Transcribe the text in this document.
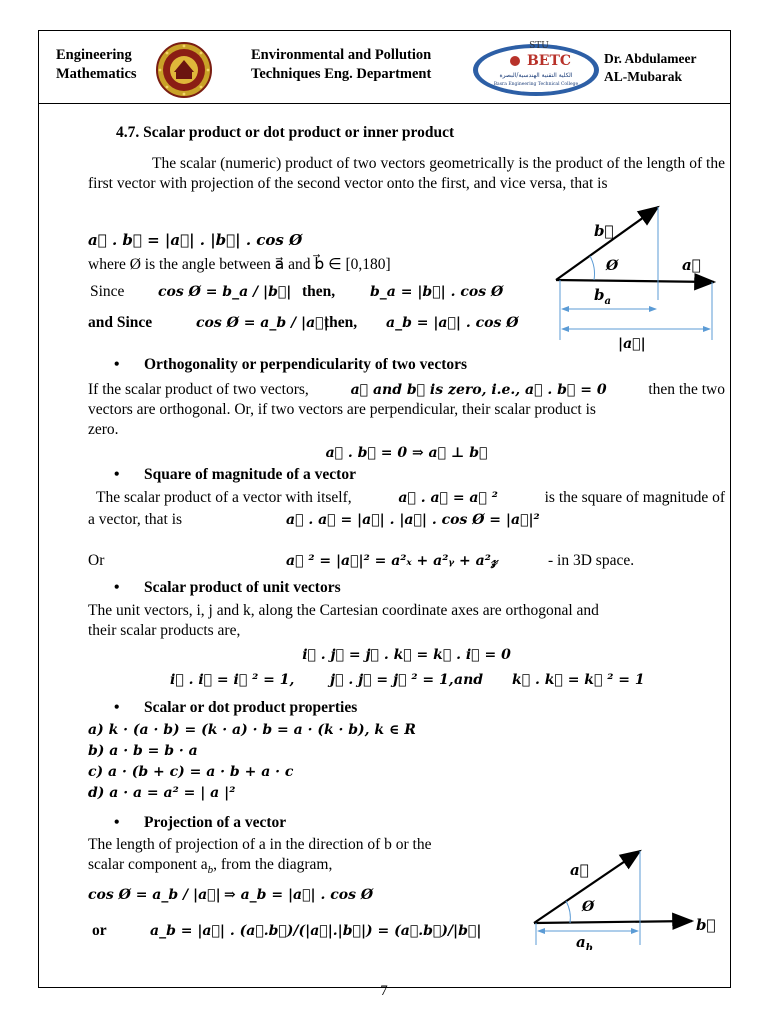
Engineering
Mathematics
Environmental and Pollution
Techniques Eng. Department
STU
BETC
الكلية التقنية الهندسية/البصرة
Basra Engineering Technical College
Dr. Abdulameer
AL-Mubarak
4.7. Scalar product or dot product or inner product
The scalar (numeric) product of two vectors geometrically is the product of the length of the first vector with projection of the second vector onto the first, and vice versa, that is
a⃗ . b⃗ = |a⃗| . |b⃗| . cos Ø
where Ø is the angle between a⃗ and b⃗ ∈ [0,180]
Since cos Ø = b_a / |b⃗| then, b_a = |b⃗| . cos Ø
and Since	cos Ø = a_b / |a⃗|
then, a_b = |a⃗| . cos Ø
b⃗
Ø	a⃗
$b_a$
|a⃗|
• Orthogonality or perpendicularity of two vectors
If the scalar product of two vectors,	a⃗ and b⃗ is zero, i.e., a⃗ . b⃗ = 0	then the two
vectors are orthogonal. Or, if two vectors are perpendicular, their scalar product is
zero.
a⃗ . b⃗ = 0 ⇒ a⃗ ⊥ b⃗
• Square of magnitude of a vector
The scalar product of a vector with itself,	a⃗ . a⃗ = a⃗ ²	is the square of magnitude of
a vector, that is	a⃗ . a⃗ = |a⃗| . |a⃗| . cos Ø = |a⃗|²
Or	a⃗ ² = |a⃗|² = a²ₓ + a²ᵧ + a²𝓏	- in 3D space.
• Scalar product of unit vectors
The unit vectors, i, j and k, along the Cartesian coordinate axes are orthogonal and
their scalar products are,
i⃗ . j⃗ = j⃗ . k⃗ = k⃗ . i⃗ = 0
i⃗ . i⃗ = i⃗ ² = 1,	j⃗ . j⃗ = j⃗ ² = 1, and k⃗ . k⃗ = k⃗ ² = 1
• Scalar or dot product properties
a) k · (a · b) = (k · a) · b = a · (k · b), k ∈ R
b) a · b = b · a
c) a · (b + c) = a · b + a · c
d) a · a = a² = | a |²
• Projection of a vector
The length of projection of a in the direction of b or the
scalar component $a_b$, from the diagram,
cos Ø = a_b / |a⃗| ⇒ a_b = |a⃗| . cos Ø
or	a_b = |a⃗| . (a⃗.b⃗)/(|a⃗|.|b⃗|) = (a⃗.b⃗)/|b⃗|
a⃗
Ø
b⃗
$a_b$
7
